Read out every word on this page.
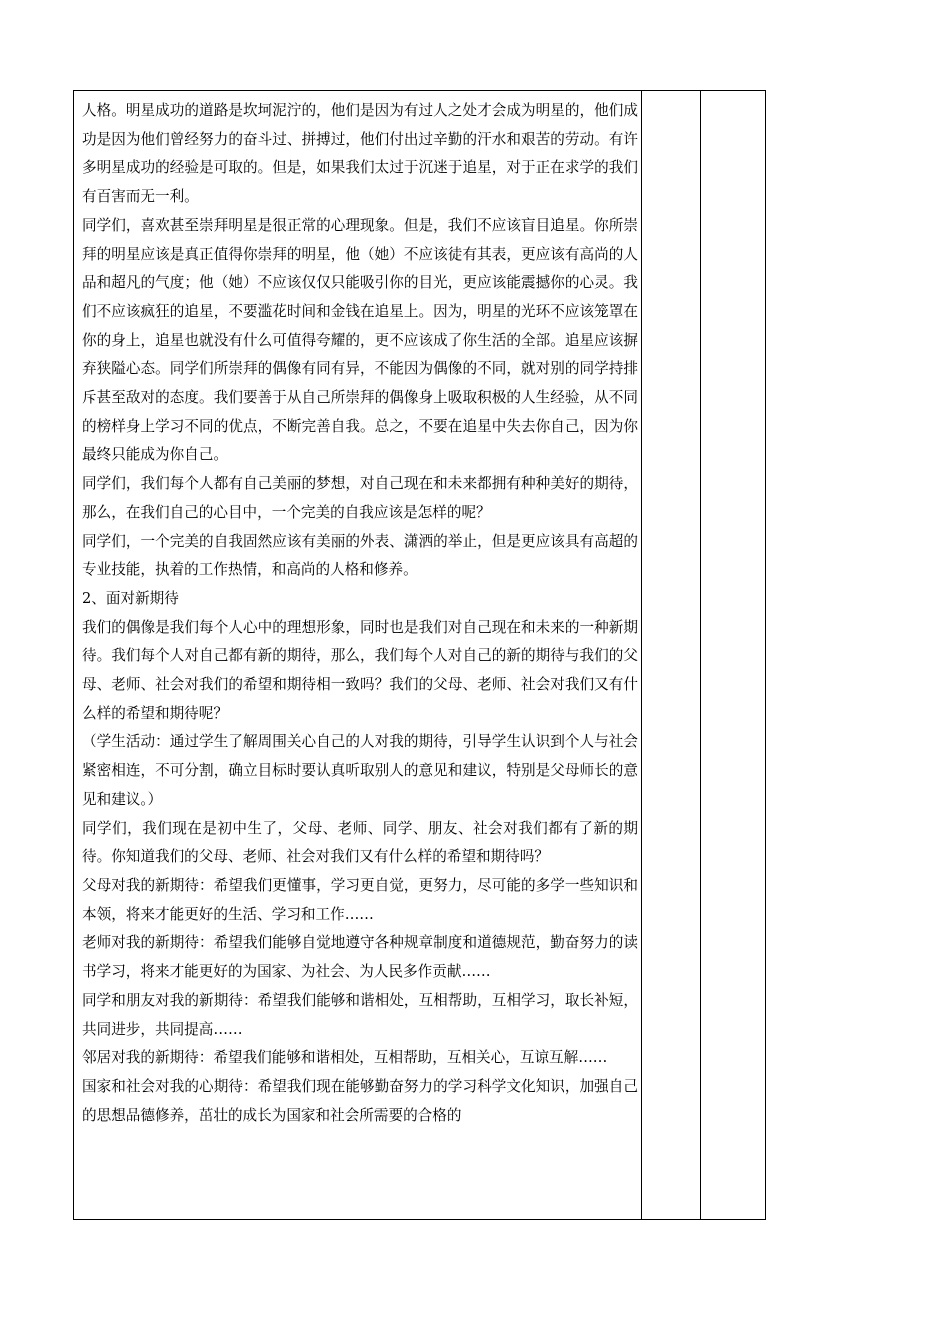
人格。明星成功的道路是坎坷泥泞的，他们是因为有过人之处才会成为明星的，他们成功是因为他们曾经努力的奋斗过、拼搏过，他们付出过辛勤的汗水和艰苦的劳动。有许多明星成功的经验是可取的。但是，如果我们太过于沉迷于追星，对于正在求学的我们有百害而无一利。

同学们，喜欢甚至崇拜明星是很正常的心理现象。但是，我们不应该盲目追星。你所崇拜的明星应该是真正值得你崇拜的明星，他（她）不应该徒有其表，更应该有高尚的人品和超凡的气度；他（她）不应该仅仅只能吸引你的目光，更应该能震撼你的心灵。我们不应该疯狂的追星，不要滥花时间和金钱在追星上。因为，明星的光环不应该笼罩在你的身上，追星也就没有什么可值得夸耀的，更不应该成了你生活的全部。追星应该摒弃狭隘心态。同学们所崇拜的偶像有同有异，不能因为偶像的不同，就对别的同学持排斥甚至敌对的态度。我们要善于从自己所崇拜的偶像身上吸取积极的人生经验，从不同的榜样身上学习不同的优点，不断完善自我。总之，不要在追星中失去你自己，因为你最终只能成为你自己。

同学们，我们每个人都有自己美丽的梦想，对自己现在和未来都拥有种种美好的期待，那么，在我们自己的心目中，一个完美的自我应该是怎样的呢？

同学们，一个完美的自我固然应该有美丽的外表、潇洒的举止，但是更应该具有高超的专业技能，执着的工作热情，和高尚的人格和修养。

2、面对新期待

我们的偶像是我们每个人心中的理想形象，同时也是我们对自己现在和未来的一种新期待。我们每个人对自己都有新的期待，那么，我们每个人对自己的新的期待与我们的父母、老师、社会对我们的希望和期待相一致吗？我们的父母、老师、社会对我们又有什么样的希望和期待呢？

（学生活动：通过学生了解周围关心自己的人对我的期待，引导学生认识到个人与社会紧密相连，不可分割，确立目标时要认真听取别人的意见和建议，特别是父母师长的意见和建议。）

同学们，我们现在是初中生了，父母、老师、同学、朋友、社会对我们都有了新的期待。你知道我们的父母、老师、社会对我们又有什么样的希望和期待吗？

父母对我的新期待：希望我们更懂事，学习更自觉，更努力，尽可能的多学一些知识和本领，将来才能更好的生活、学习和工作……

老师对我的新期待：希望我们能够自觉地遵守各种规章制度和道德规范，勤奋努力的读书学习，将来才能更好的为国家、为社会、为人民多作贡献……

同学和朋友对我的新期待：希望我们能够和谐相处，互相帮助，互相学习，取长补短，共同进步，共同提高……

邻居对我的新期待：希望我们能够和谐相处，互相帮助，互相关心，互谅互解……

国家和社会对我的心期待：希望我们现在能够勤奋努力的学习科学文化知识，加强自己的思想品德修养，茁壮的成长为国家和社会所需要的合格的
